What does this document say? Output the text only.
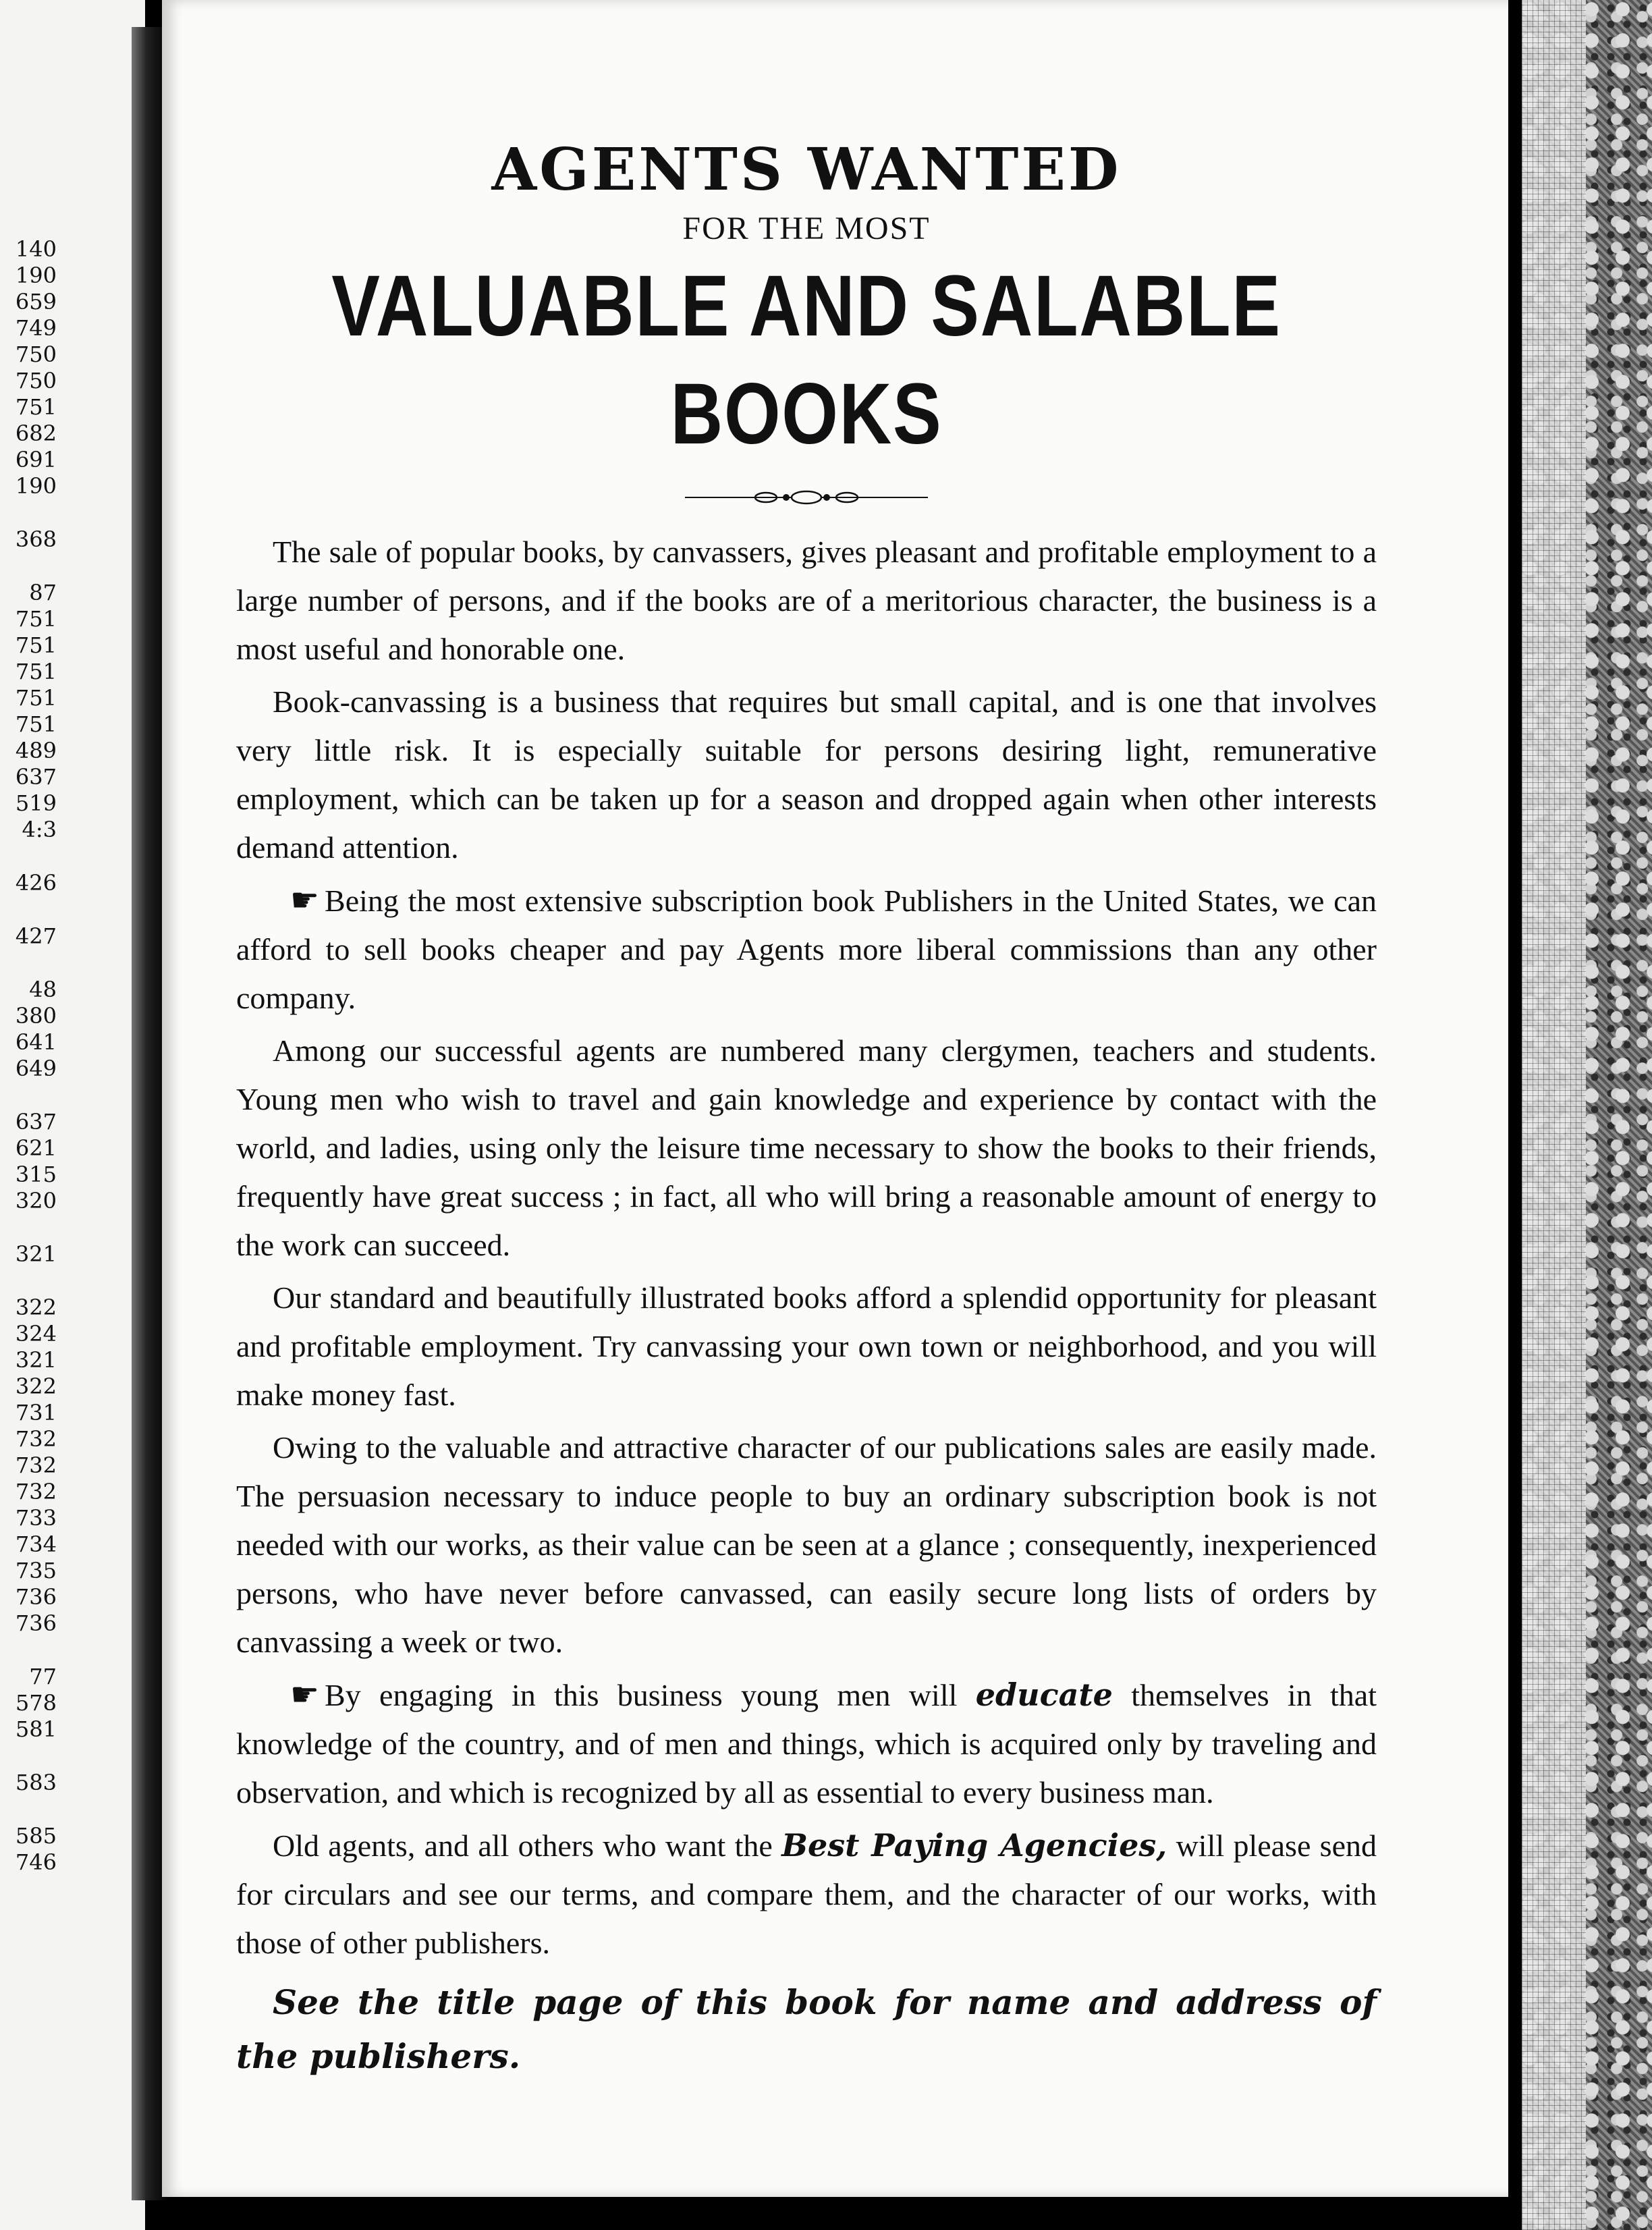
140
190
659
749
750
750
751
682
691
190
368
87
751
751
751
751
751
489
637
519
4:3
426
427
48
380
641
649
637
621
315
320
321
322
324
321
322
731
732
732
732
733
734
735
736
736
77
578
581
583
585
746
AGENTS WANTED

FOR THE MOST

VALUABLE AND SALABLE BOOKS

The sale of popular books, by canvassers, gives pleasant and profitable employment to a large number of persons, and if the books are of a meritorious character, the business is a most useful and honorable one.

Book-canvassing is a business that requires but small capital, and is one that involves very little risk. It is especially suitable for persons desiring light, remunerative employment, which can be taken up for a season and dropped again when other interests demand attention.

☛ Being the most extensive subscription book Publishers in the United States, we can afford to sell books cheaper and pay Agents more liberal commissions than any other company.

Among our successful agents are numbered many clergymen, teachers and students. Young men who wish to travel and gain knowledge and experience by contact with the world, and ladies, using only the leisure time necessary to show the books to their friends, frequently have great success ; in fact, all who will bring a reasonable amount of energy to the work can succeed.

Our standard and beautifully illustrated books afford a splendid opportunity for pleasant and profitable employment. Try canvassing your own town or neighborhood, and you will make money fast.

Owing to the valuable and attractive character of our publications sales are easily made. The persuasion necessary to induce people to buy an ordinary subscription book is not needed with our works, as their value can be seen at a glance ; consequently, inexperienced persons, who have never before canvassed, can easily secure long lists of orders by canvassing a week or two.

☛ By engaging in this business young men will educate themselves in that knowledge of the country, and of men and things, which is acquired only by traveling and observation, and which is recognized by all as essential to every business man.

Old agents, and all others who want the Best Paying Agencies, will please send for circulars and see our terms, and compare them, and the character of our works, with those of other publishers.

See the title page of this book for name and address of the publishers.
